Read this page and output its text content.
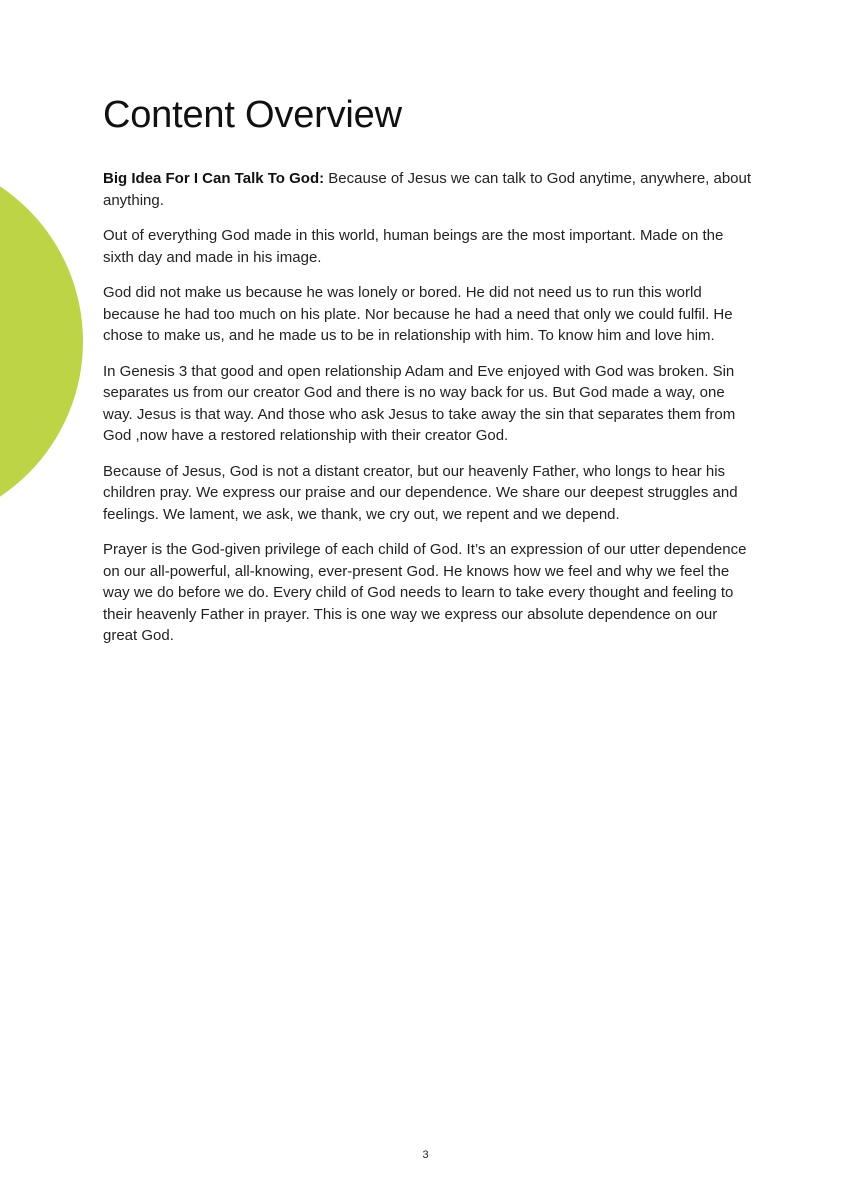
Content Overview

Big Idea For I Can Talk To God: Because of Jesus we can talk to God anytime, anywhere, about anything.

Out of everything God made in this world, human beings are the most important. Made on the sixth day and made in his image.

God did not make us because he was lonely or bored. He did not need us to run this world because he had too much on his plate. Nor because he had a need that only we could fulfil. He chose to make us, and he made us to be in relationship with him. To know him and love him.

In Genesis 3 that good and open relationship Adam and Eve enjoyed with God was broken. Sin separates us from our creator God and there is no way back for us. But God made a way, one way. Jesus is that way. And those who ask Jesus to take away the sin that separates them from God ,now have a restored relationship with their creator God.

Because of Jesus, God is not a distant creator, but our heavenly Father, who longs to hear his children pray. We express our praise and our dependence. We share our deepest struggles and feelings. We lament, we ask, we thank, we cry out, we repent and we depend.

Prayer is the God-given privilege of each child of God. It’s an expression of our utter dependence on our all-powerful, all-knowing, ever-present God. He knows how we feel and why we feel the way we do before we do. Every child of God needs to learn to take every thought and feeling to their heavenly Father in prayer. This is one way we express our absolute dependence on our great God.

3
